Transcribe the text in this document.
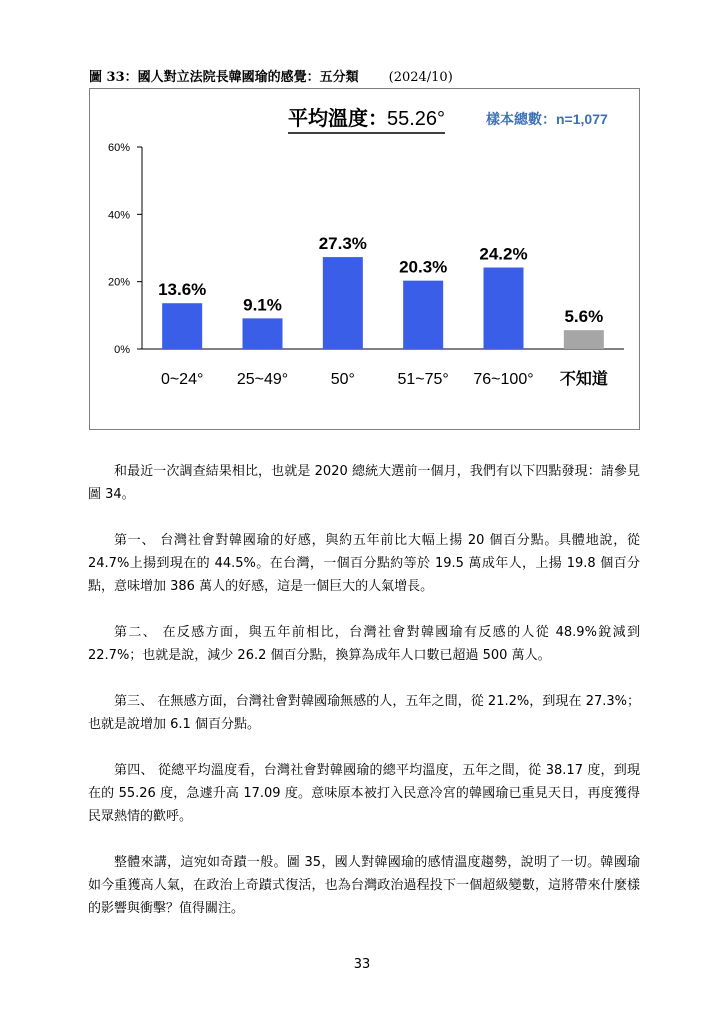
圖 33：國人對立法院長韓國瑜的感覺：五分類 (2024/10)
平均溫度： 55.26°	樣本總數：n=1,077
0%
20%
40%
60%
13.6%
0~24°
9.1%
25~49°
27.3%
50°
20.3%
51~75°
24.2%
76~100°
5.6%
不知道

和最近一次調查結果相比，也就是 2020 總統大選前一個月，我們有以下四點發現：請參見圖 34。

第一、 台灣社會對韓國瑜的好感，與約五年前比大幅上揚 20 個百分點。具體地說，從 24.7%上揚到現在的 44.5%。在台灣，一個百分點約等於 19.5 萬成年人，上揚 19.8 個百分點，意味增加 386 萬人的好感，這是一個巨大的人氣增長。

第二、 在反感方面，與五年前相比，台灣社會對韓國瑜有反感的人從 48.9%銳減到 22.7%；也就是說，減少 26.2 個百分點，換算為成年人口數已超過 500 萬人。

第三、 在無感方面，台灣社會對韓國瑜無感的人，五年之間，從 21.2%，到現在 27.3%；也就是說增加 6.1 個百分點。

第四、 從總平均溫度看，台灣社會對韓國瑜的總平均溫度，五年之間，從 38.17 度，到現在的 55.26 度，急遽升高 17.09 度。意味原本被打入民意冷宮的韓國瑜已重見天日，再度獲得民眾熱情的歡呼。

整體來講，這宛如奇蹟一般。圖 35，國人對韓國瑜的感情溫度趨勢，說明了一切。韓國瑜如今重獲高人氣，在政治上奇蹟式復活，也為台灣政治過程投下一個超級變數，這將帶來什麼樣的影響與衝擊？值得關注。

33
